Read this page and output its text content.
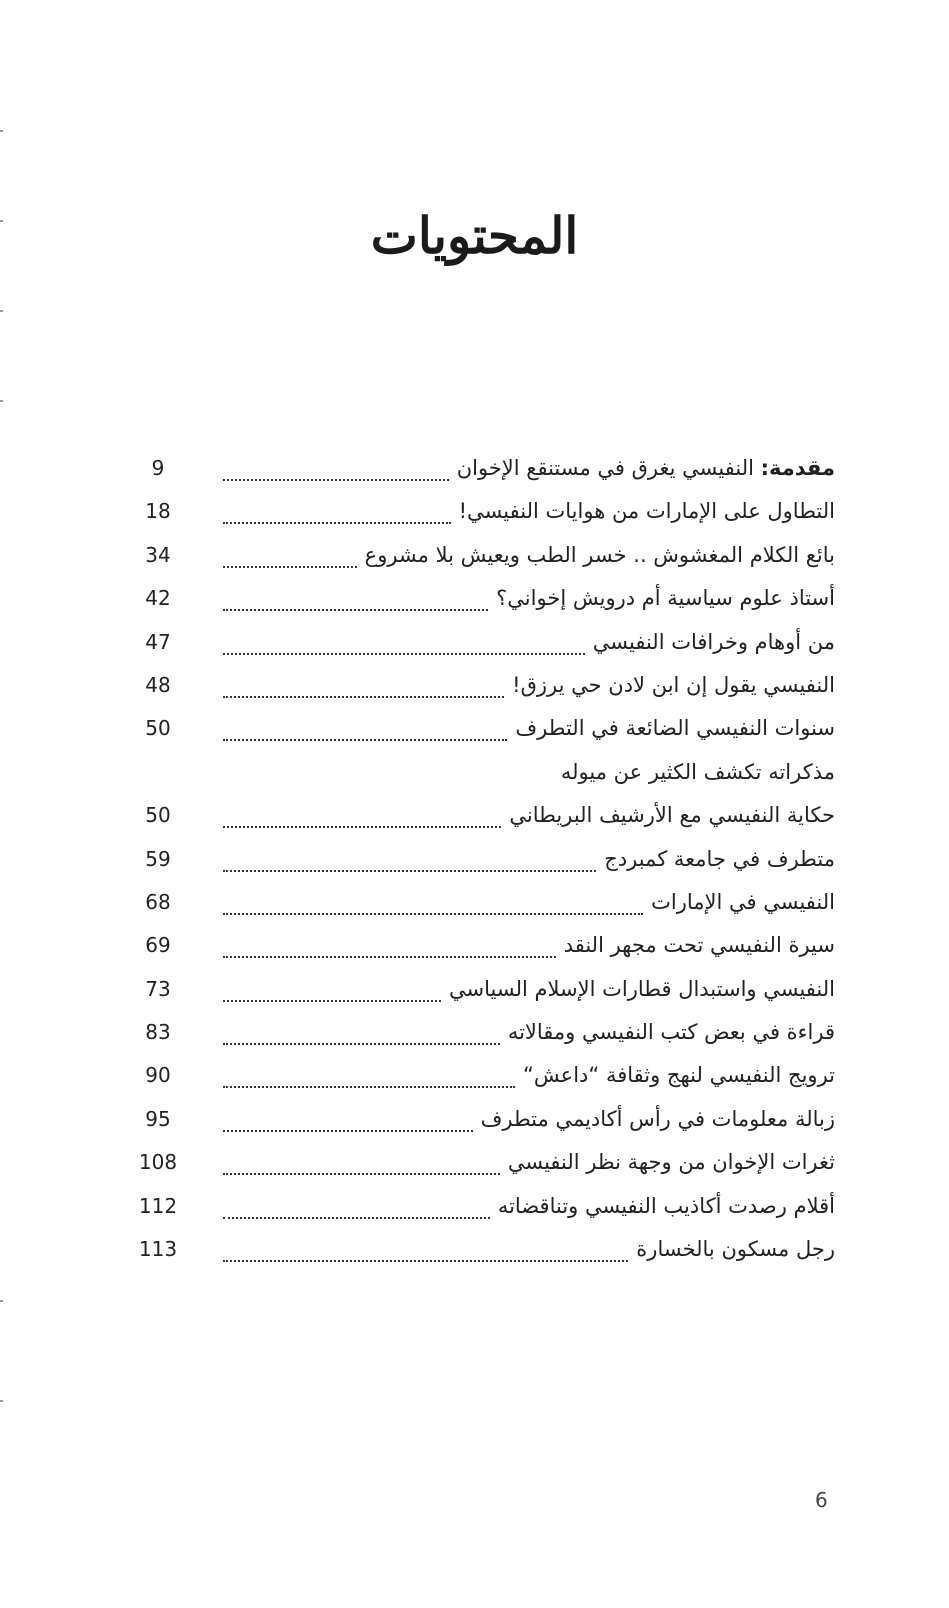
المحتويات
مقدمة: النفيسي يغرق في مستنقع الإخوان
9
التطاول على الإمارات من هوايات النفيسي!
18
بائع الكلام المغشوش .. خسر الطب ويعيش بلا مشروع
34
أستاذ علوم سياسية أم درويش إخواني؟
42
من أوهام وخرافات النفيسي
47
النفيسي يقول إن ابن لادن حي يرزق!
48
سنوات النفيسي الضائعة في التطرف
50
مذكراته تكشف الكثير عن ميوله
حكاية النفيسي مع الأرشيف البريطاني
50
متطرف في جامعة كمبردج
59
النفيسي في الإمارات
68
سيرة النفيسي تحت مجهر النقد
69
النفيسي واستبدال قطارات الإسلام السياسي
73
قراءة في بعض كتب النفيسي ومقالاته
83
ترويج النفيسي لنهج وثقافة “داعش“
90
زبالة معلومات في رأس أكاديمي متطرف
95
ثغرات الإخوان من وجهة نظر النفيسي
108
أقلام رصدت أكاذيب النفيسي وتناقضاته
112
رجل مسكون بالخسارة
113
6
